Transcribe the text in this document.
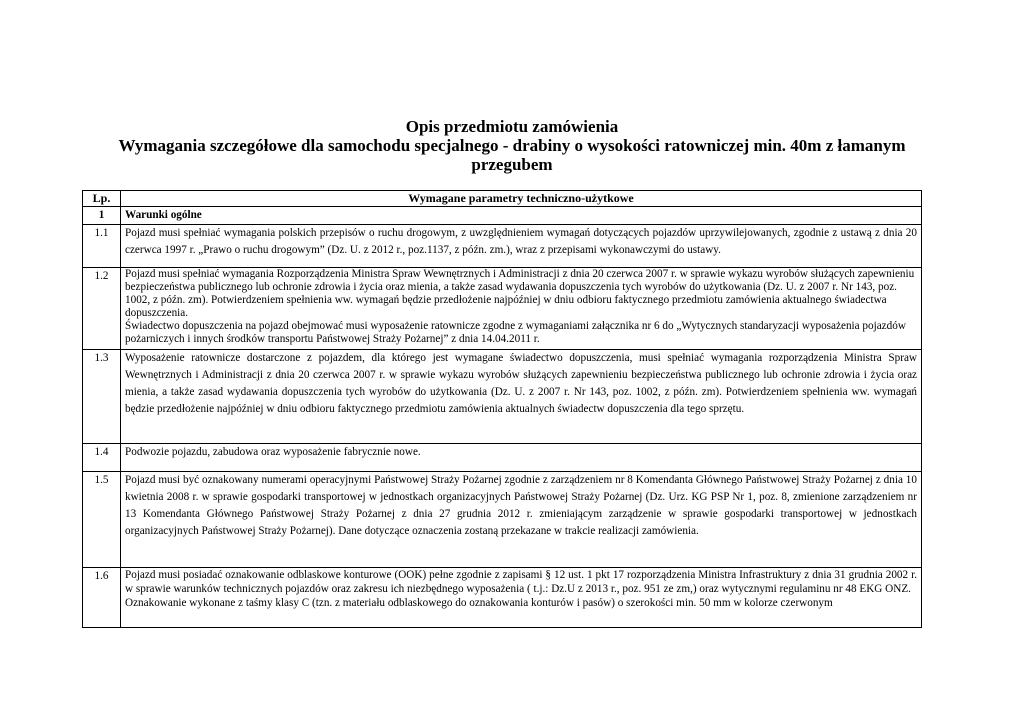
Opis przedmiotu zamówienia
Wymagania szczegółowe dla samochodu specjalnego - drabiny o wysokości ratowniczej min. 40m z łamanym
przegubem
Lp.	Wymagane parametry techniczno-użytkowe
1	Warunki ogólne
1.1	Pojazd musi spełniać wymagania polskich przepisów o ruchu drogowym, z uwzględnieniem wymagań dotyczących pojazdów uprzywilejowanych, zgodnie z ustawą z dnia 20 czerwca 1997 r. „Prawo o ruchu drogowym” (Dz. U. z 2012 r., poz.1137, z późn. zm.), wraz z przepisami wykonawczymi do ustawy.
1.2	Pojazd musi spełniać wymagania Rozporządzenia Ministra Spraw Wewnętrznych i Administracji z dnia 20 czerwca 2007 r. w sprawie wykazu wyrobów służących zapewnieniu bezpieczeństwa publicznego lub ochronie zdrowia i życia oraz mienia, a także zasad wydawania dopuszczenia tych wyrobów do użytkowania (Dz. U. z 2007 r. Nr 143, poz. 1002, z późn. zm). Potwierdzeniem spełnienia ww. wymagań będzie przedłożenie najpóźniej w dniu odbioru faktycznego przedmiotu zamówienia aktualnego świadectwa dopuszczenia.

Świadectwo dopuszczenia na pojazd obejmować musi wyposażenie ratownicze zgodne z wymaganiami załącznika nr 6 do „Wytycznych standaryzacji wyposażenia pojazdów pożarniczych i innych środków transportu Państwowej Straży Pożarnej” z dnia 14.04.2011 r.

1.3	Wyposażenie ratownicze dostarczone z pojazdem, dla którego jest wymagane świadectwo dopuszczenia, musi spełniać wymagania rozporządzenia Ministra Spraw Wewnętrznych i Administracji z dnia 20 czerwca 2007 r. w sprawie wykazu wyrobów służących zapewnieniu bezpieczeństwa publicznego lub ochronie zdrowia i życia oraz mienia, a także zasad wydawania dopuszczenia tych wyrobów do użytkowania (Dz. U. z 2007 r. Nr 143, poz. 1002, z późn. zm). Potwierdzeniem spełnienia ww. wymagań będzie przedłożenie najpóźniej w dniu odbioru faktycznego przedmiotu zamówienia aktualnych świadectw dopuszczenia dla tego sprzętu.
1.4	Podwozie pojazdu, zabudowa oraz wyposażenie fabrycznie nowe.
1.5	Pojazd musi być oznakowany numerami operacyjnymi Państwowej Straży Pożarnej zgodnie z zarządzeniem nr 8 Komendanta Głównego Państwowej Straży Pożarnej z dnia 10 kwietnia 2008 r. w sprawie gospodarki transportowej w jednostkach organizacyjnych Państwowej Straży Pożarnej (Dz. Urz. KG PSP Nr 1, poz. 8, zmienione zarządzeniem nr 13 Komendanta Głównego Państwowej Straży Pożarnej z dnia 27 grudnia 2012 r. zmieniającym zarządzenie w sprawie gospodarki transportowej w jednostkach organizacyjnych Państwowej Straży Pożarnej). Dane dotyczące oznaczenia zostaną przekazane w trakcie realizacji zamówienia.
1.6	Pojazd musi posiadać oznakowanie odblaskowe konturowe (OOK) pełne zgodnie z zapisami § 12 ust. 1 pkt 17 rozporządzenia Ministra Infrastruktury z dnia 31 grudnia 2002 r. w sprawie warunków technicznych pojazdów oraz zakresu ich niezbędnego wyposażenia ( t.j.: Dz.U z 2013 r., poz. 951 ze zm,) oraz wytycznymi regulaminu nr 48 EKG ONZ.

Oznakowanie wykonane z taśmy klasy C (tzn. z materiału odblaskowego do oznakowania konturów i pasów) o szerokości min. 50 mm w kolorze czerwonym
